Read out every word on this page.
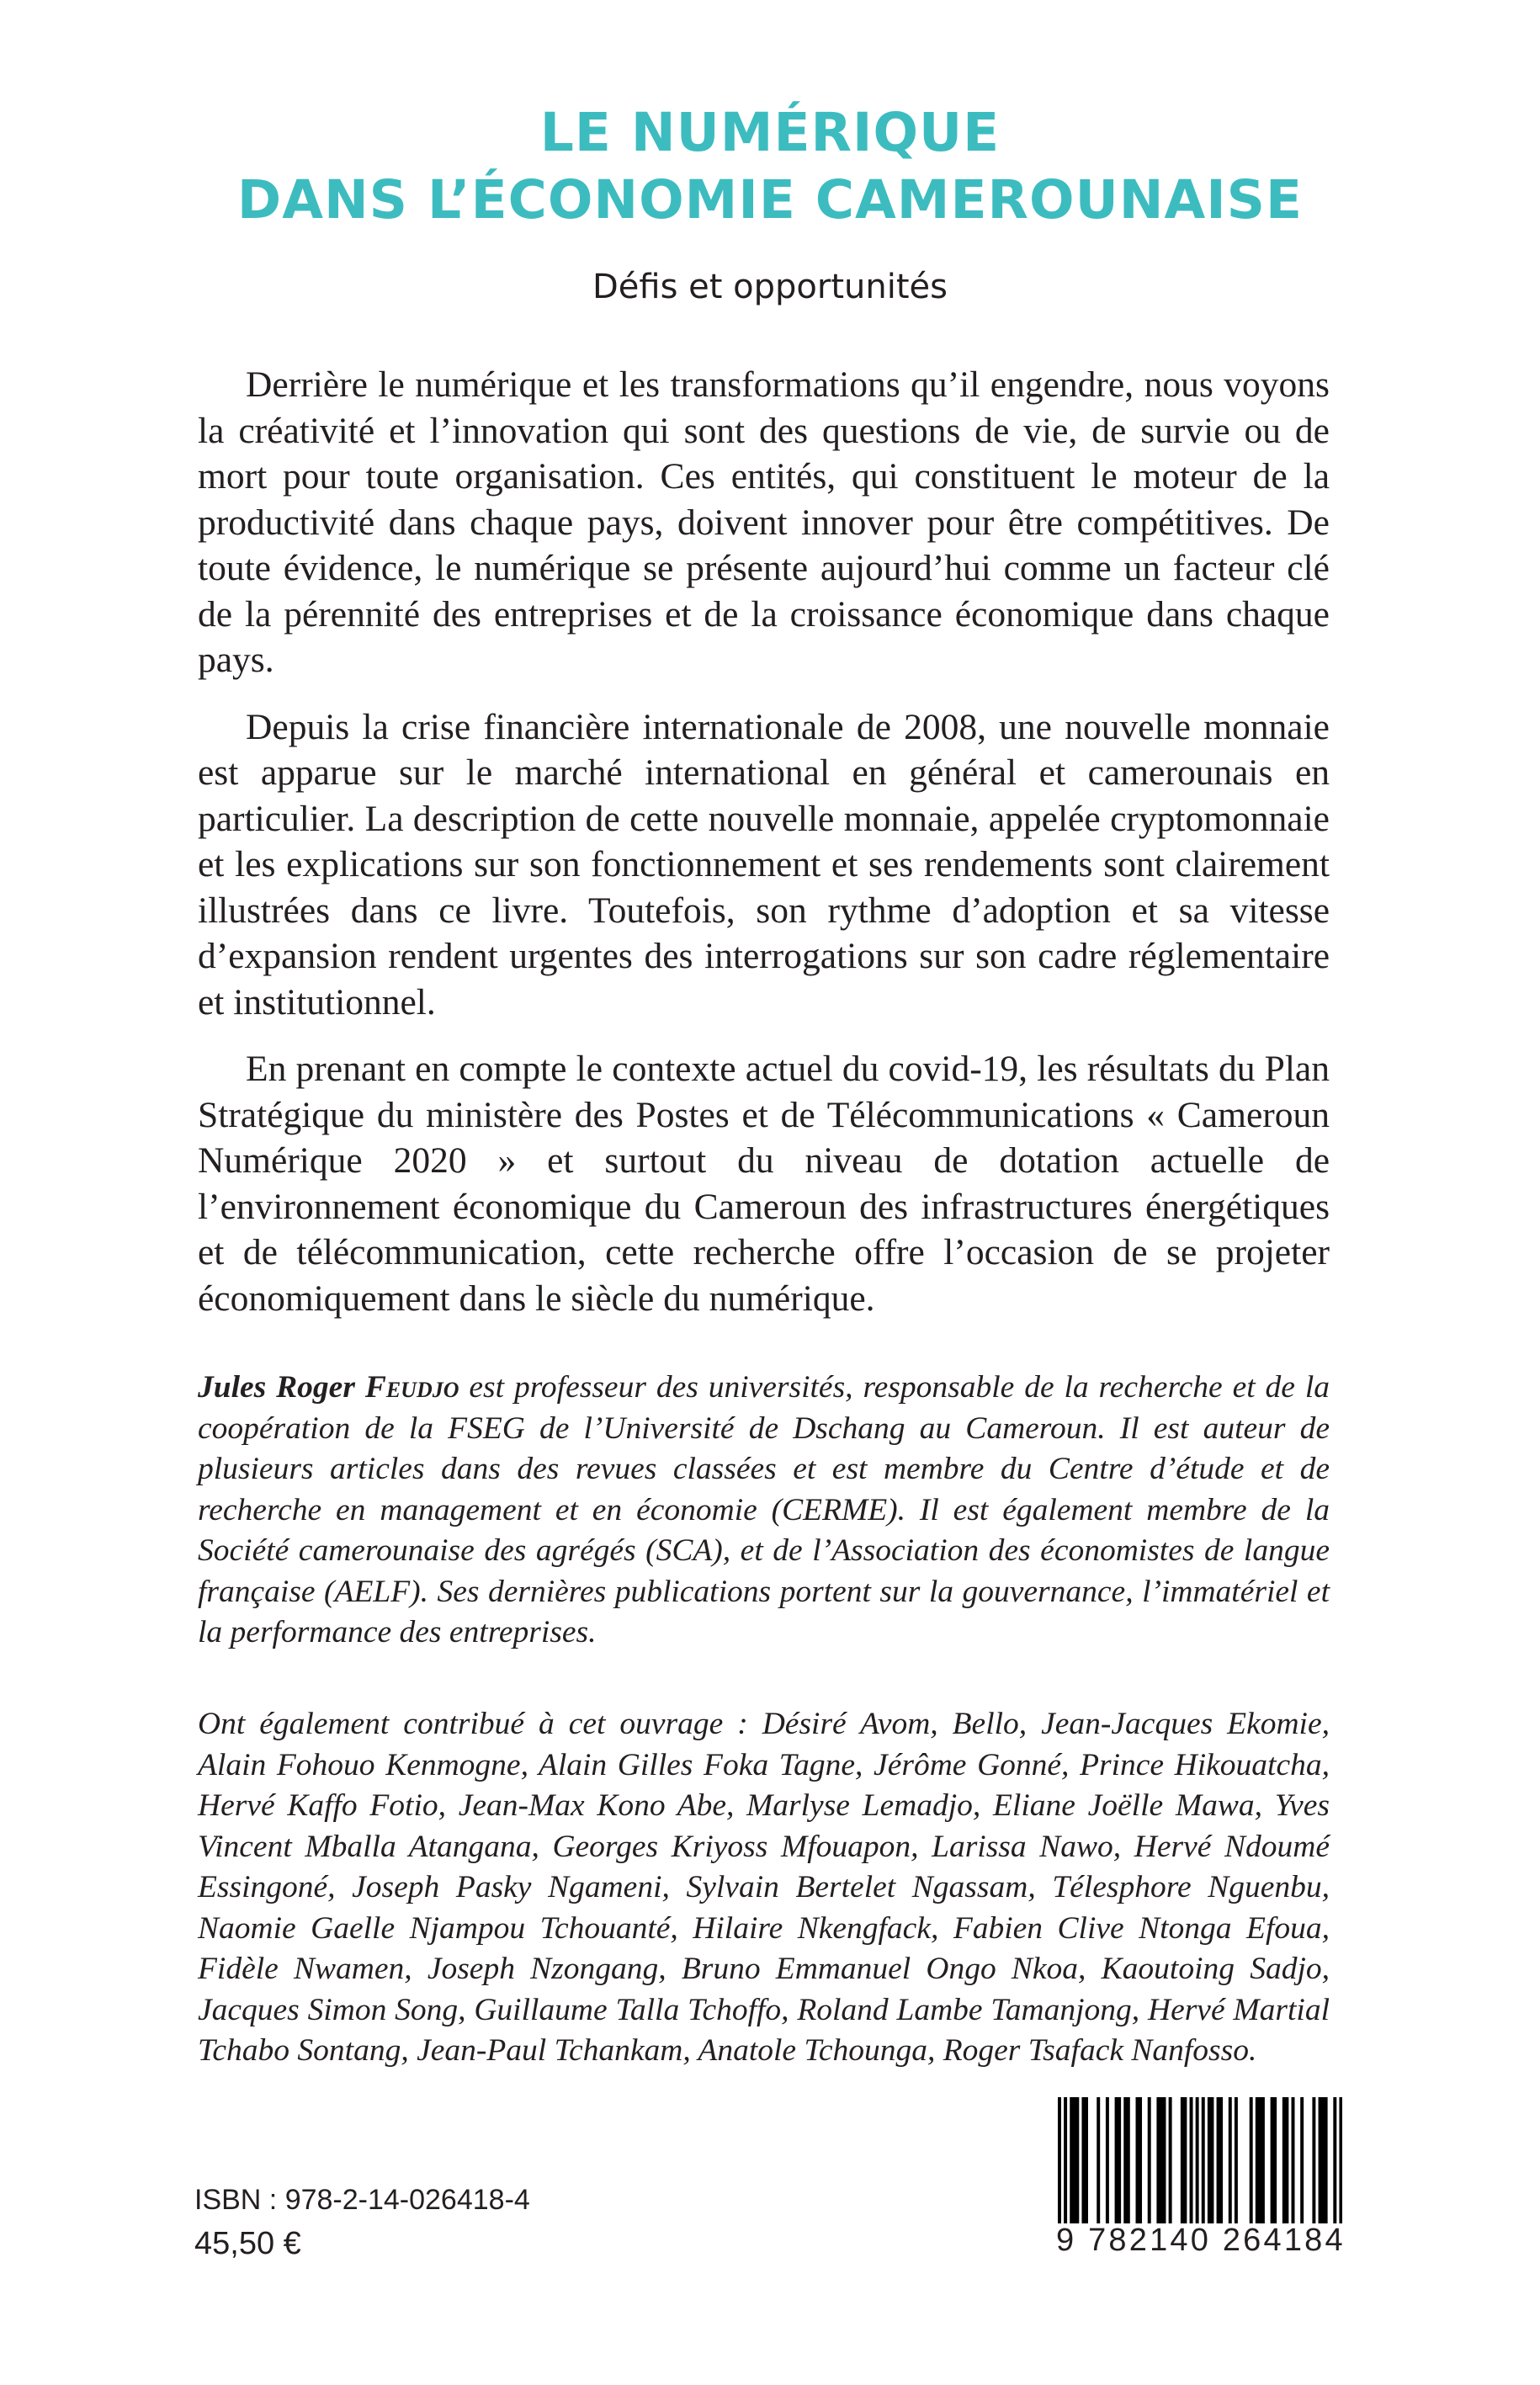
LE NUMÉRIQUE
DANS L’ÉCONOMIE CAMEROUNAISE
Défis et opportunités

Derrière le numérique et les transformations qu’il engendre, nous voyons la créativité et l’innovation qui sont des questions de vie, de survie ou de mort pour toute organisation. Ces entités, qui constituent le moteur de la productivité dans chaque pays, doivent innover pour être compétitives. De toute évidence, le numérique se présente aujourd’hui comme un facteur clé de la pérennité des entreprises et de la croissance économique dans chaque pays.

Depuis la crise financière internationale de 2008, une nouvelle monnaie est apparue sur le marché international en général et camerounais en particulier. La description de cette nouvelle monnaie, appelée cryptomonnaie et les explications sur son fonctionnement et ses rendements sont clairement illustrées dans ce livre. Toutefois, son rythme d’adoption et sa vitesse d’expansion rendent urgentes des interrogations sur son cadre réglementaire et institutionnel.

En prenant en compte le contexte actuel du covid-19, les résultats du Plan Stratégique du ministère des Postes et de Télécommunications « Cameroun Numérique 2020 » et surtout du niveau de dotation actuelle de l’environnement économique du Cameroun des infrastructures énergétiques et de télécommunication, cette recherche offre l’occasion de se projeter économiquement dans le siècle du numérique.

Jules Roger Feudjo est professeur des universités, responsable de la recherche et de la coopération de la FSEG de l’Université de Dschang au Cameroun. Il est auteur de plusieurs articles dans des revues classées et est membre du Centre d’étude et de recherche en management et en économie (CERME). Il est également membre de la Société camerounaise des agrégés (SCA), et de l’Association des économistes de langue française (AELF). Ses dernières publications portent sur la gouvernance, l’immatériel et la performance des entreprises.
Ont également contribué à cet ouvrage : Désiré Avom, Bello, Jean-Jacques Ekomie, Alain Fohouo Kenmogne, Alain Gilles Foka Tagne, Jérôme Gonné, Prince Hikouatcha, Hervé Kaffo Fotio, Jean-Max Kono Abe, Marlyse Lemadjo, Eliane Joëlle Mawa, Yves Vincent Mballa Atangana, Georges Kriyoss Mfouapon, Larissa Nawo, Hervé Ndoumé Essingoné, Joseph Pasky Ngameni, Sylvain Bertelet Ngassam, Télesphore Nguenbu, Naomie Gaelle Njampou Tchouanté, Hilaire Nkengfack, Fabien Clive Ntonga Efoua, Fidèle Nwamen, Joseph Nzongang, Bruno Emmanuel Ongo Nkoa, Kaoutoing Sadjo, Jacques Simon Song, Guillaume Talla Tchoffo, Roland Lambe Tamanjong, Hervé Martial Tchabo Sontang, Jean-Paul Tchankam, Anatole Tchounga, Roger Tsafack Nanfosso.
ISBN : 978-2-14-026418-4
45,50 €	9 782140 264184
